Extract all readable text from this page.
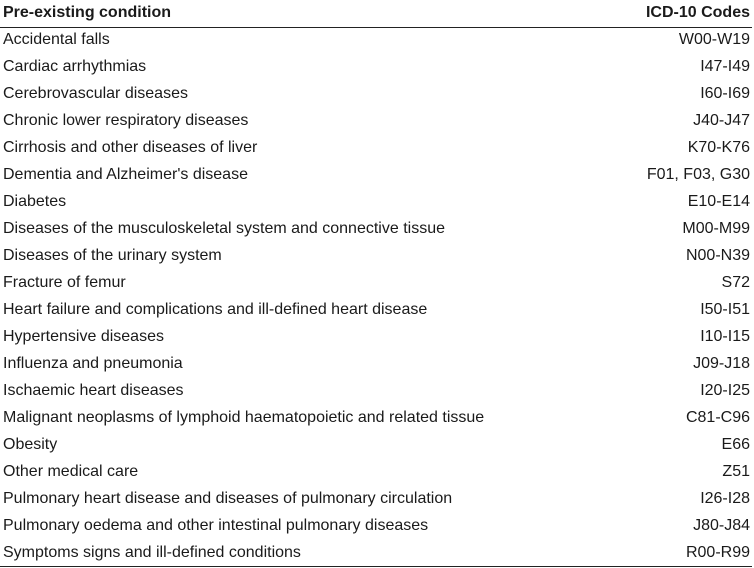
Pre-existing condition	ICD-10 Codes
Accidental falls	W00-W19
Cardiac arrhythmias	I47-I49
Cerebrovascular diseases	I60-I69
Chronic lower respiratory diseases	J40-J47
Cirrhosis and other diseases of liver	K70-K76
Dementia and Alzheimer's disease	F01, F03, G30
Diabetes	E10-E14
Diseases of the musculoskeletal system and connective tissue	M00-M99
Diseases of the urinary system	N00-N39
Fracture of femur	S72
Heart failure and complications and ill-defined heart disease	I50-I51
Hypertensive diseases	I10-I15
Influenza and pneumonia	J09-J18
Ischaemic heart diseases	I20-I25
Malignant neoplasms of lymphoid haematopoietic and related tissue	C81-C96
Obesity	E66
Other medical care	Z51
Pulmonary heart disease and diseases of pulmonary circulation	I26-I28
Pulmonary oedema and other intestinal pulmonary diseases	J80-J84
Symptoms signs and ill-defined conditions	R00-R99
